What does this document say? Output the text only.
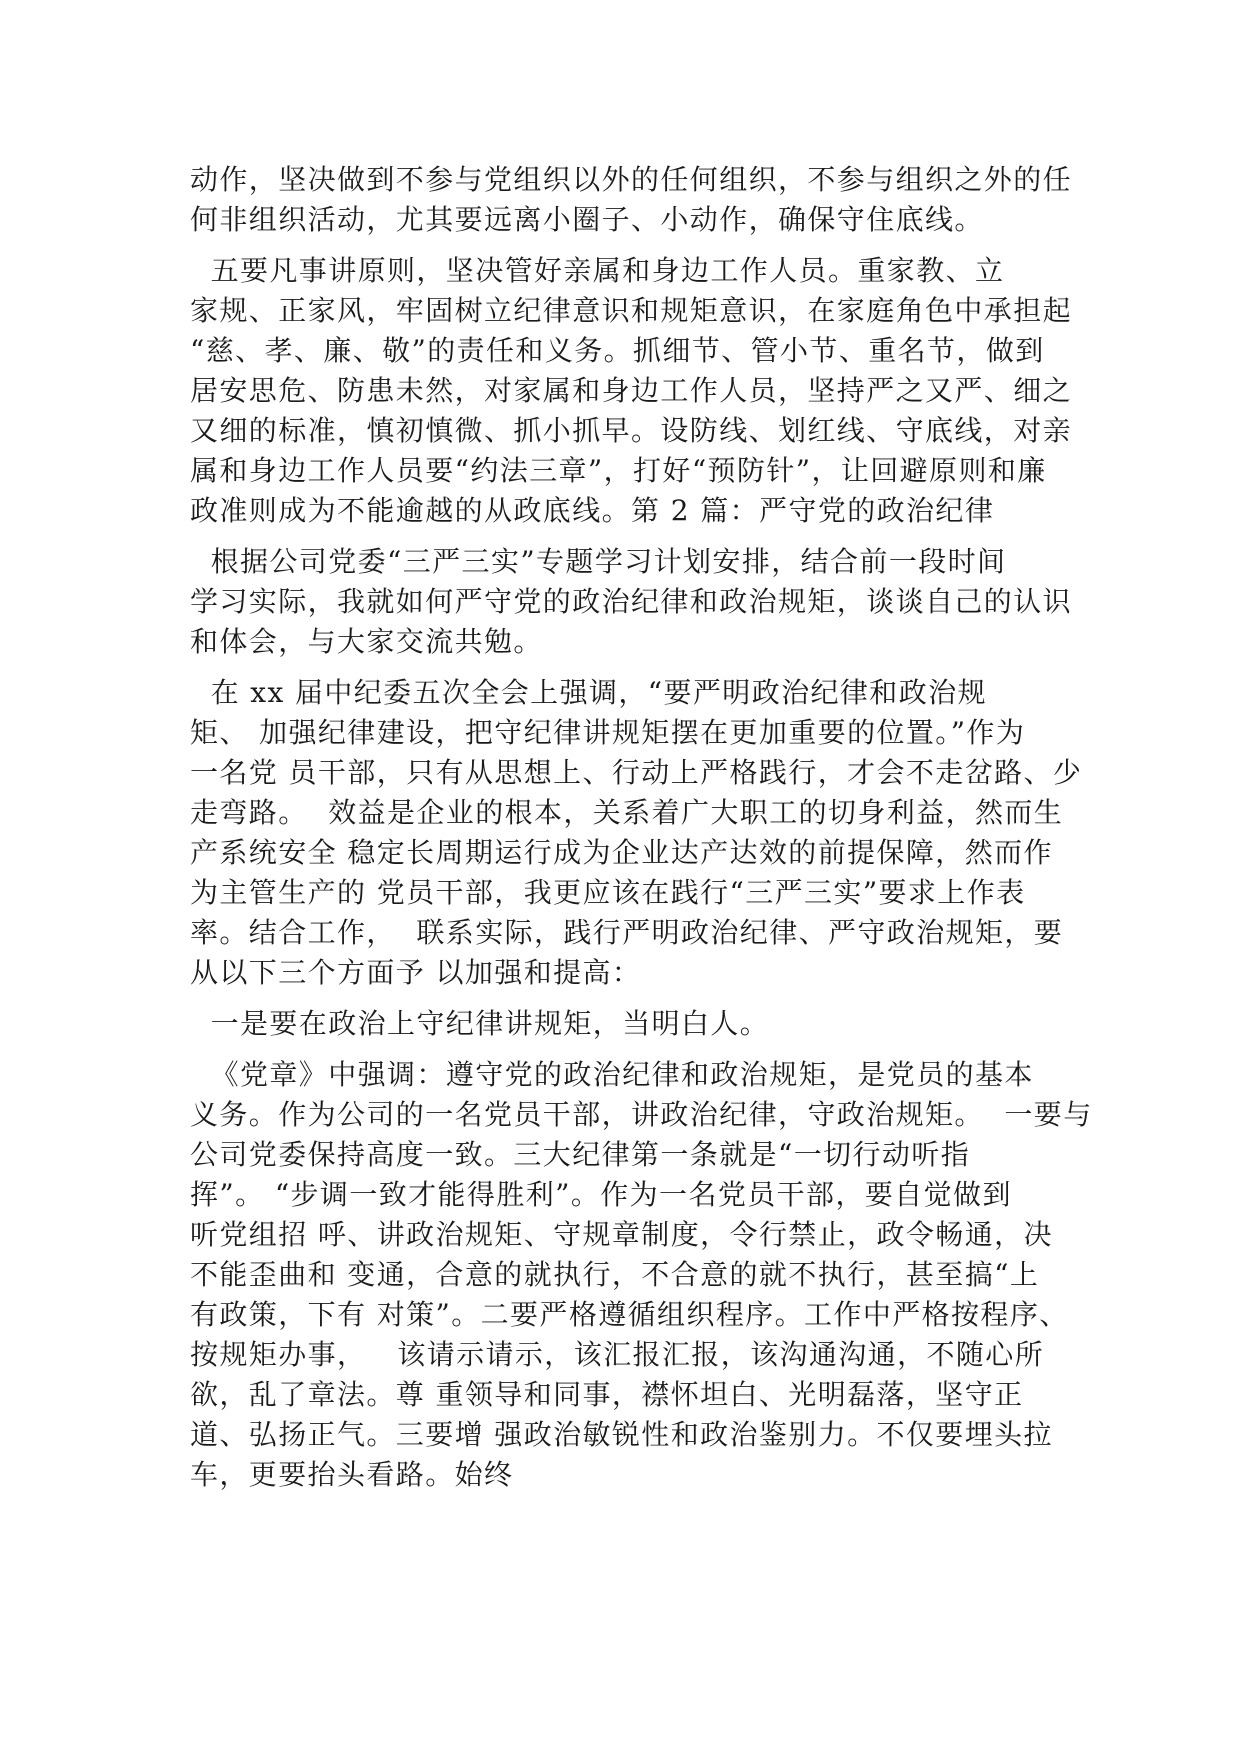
动作，坚决做到不参与党组织以外的任何组织，不参与组织之外的任
何非组织活动，尤其要远离小圈子、小动作，确保守住底线。
五要凡事讲原则，坚决管好亲属和身边工作人员。重家教、立
家规、正家风，牢固树立纪律意识和规矩意识，在家庭角色中承担起
“慈、孝、廉、敬”的责任和义务。抓细节、管小节、重名节，做到
居安思危、防患未然，对家属和身边工作人员，坚持严之又严、细之
又细的标准，慎初慎微、抓小抓早。设防线、划红线、守底线，对亲
属和身边工作人员要“约法三章”，打好“预防针”，让回避原则和廉
政准则成为不能逾越的从政底线。第 2 篇：严守党的政治纪律
根据公司党委“三严三实”专题学习计划安排，结合前一段时间
学习实际，我就如何严守党的政治纪律和政治规矩，谈谈自己的认识
和体会，与大家交流共勉。
在 xx 届中纪委五次全会上强调，“要严明政治纪律和政治规
矩、 加强纪律建设，把守纪律讲规矩摆在更加重要的位置。”作为
一名党 员干部，只有从思想上、行动上严格践行，才会不走岔路、少
走弯路。  效益是企业的根本，关系着广大职工的切身利益，然而生
产系统安全 稳定长周期运行成为企业达产达效的前提保障，然而作
为主管生产的 党员干部，我更应该在践行“三严三实”要求上作表
率。结合工作，  联系实际，践行严明政治纪律、严守政治规矩，要
从以下三个方面予 以加强和提高：
一是要在政治上守纪律讲规矩，当明白人。
《党章》中强调：遵守党的政治纪律和政治规矩，是党员的基本
义务。作为公司的一名党员干部，讲政治纪律，守政治规矩。  一要与
公司党委保持高度一致。三大纪律第一条就是“一切行动听指
挥”。 “步调一致才能得胜利”。作为一名党员干部，要自觉做到
听党组招 呼、讲政治规矩、守规章制度，令行禁止，政令畅通，决
不能歪曲和 变通，合意的就执行，不合意的就不执行，甚至搞“上
有政策，下有 对策”。二要严格遵循组织程序。工作中严格按程序、
按规矩办事，   该请示请示，该汇报汇报，该沟通沟通，不随心所
欲，乱了章法。尊 重领导和同事，襟怀坦白、光明磊落，坚守正
道、弘扬正气。三要增 强政治敏锐性和政治鉴别力。不仅要埋头拉
车，更要抬头看路。始终
